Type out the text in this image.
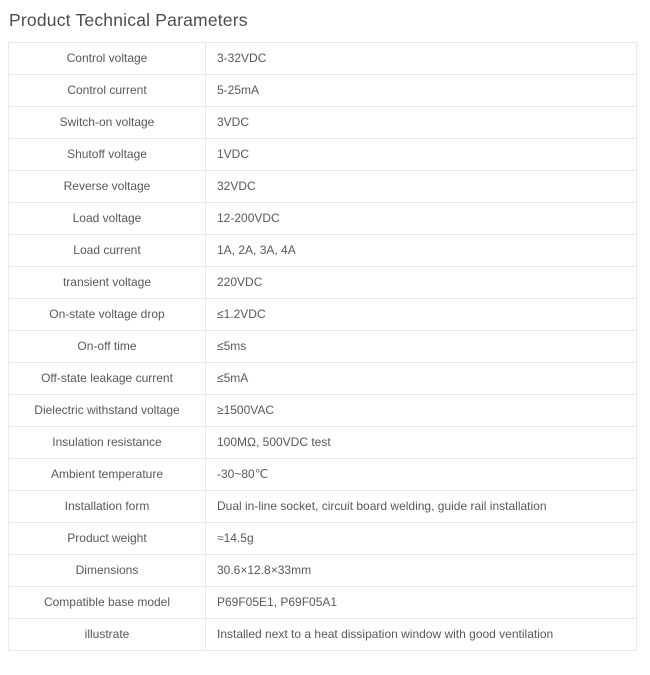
Product Technical Parameters
Control voltage	3-32VDC
Control current	5-25mA
Switch-on voltage	3VDC
Shutoff voltage	1VDC
Reverse voltage	32VDC
Load voltage	12-200VDC
Load current	1A, 2A, 3A, 4A
transient voltage	220VDC
On-state voltage drop	≤1.2VDC
On-off time	≤5ms
Off-state leakage current	≤5mA
Dielectric withstand voltage	≥1500VAC
Insulation resistance	100MΩ, 500VDC test
Ambient temperature	-30~80℃
Installation form	Dual in-line socket, circuit board welding, guide rail installation
Product weight	≈14.5g
Dimensions	30.6×12.8×33mm
Compatible base model	P69F05E1, P69F05A1
illustrate	Installed next to a heat dissipation window with good ventilation
